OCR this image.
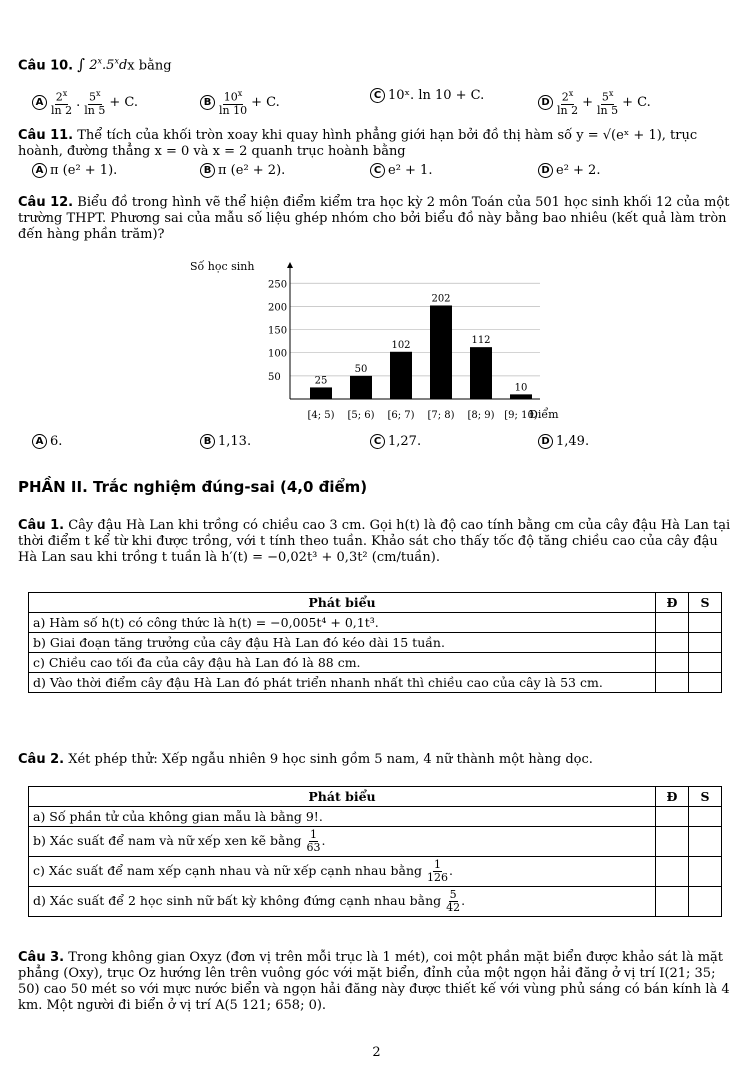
Câu 10. ∫ 2$^x$.5$^x$dx bằng
A $\frac{2^x}{\ln 2}$ . $\frac{5^x}{\ln 5} + C$.	B $\frac{10^x}{\ln 10} + C$.	C 10ˣ. ln 10 + C.	D $\frac{2^x}{\ln 2} + \frac{5^x}{\ln 5} + C$.
Câu 11. Thể tích của khối tròn xoay khi quay hình phẳng giới hạn bởi đồ thị hàm số y = √(eˣ + 1), trục hoành, đường thẳng x = 0 và x = 2 quanh trục hoành bằng
A π (e² + 1).	B π (e² + 2).	C e² + 1.	D e² + 2.
Câu 12. Biểu đồ trong hình vẽ thể hiện điểm kiểm tra học kỳ 2 môn Toán của 501 học sinh khối 12 của một trường THPT. Phương sai của mẫu số liệu ghép nhóm cho bởi biểu đồ này bằng bao nhiêu (kết quả làm tròn đến hàng phần trăm)?
25
50
102
202
112
10
50
100
150
200
250
[4; 5) [5; 6) [6; 7) [7; 8) [8; 9) [9; 10)
Số học sinh
Điểm
A 6.	B 1,13.	C 1,27.	D 1,49.
PHẦN II. Trắc nghiệm đúng-sai (4,0 điểm)
Câu 1. Cây đậu Hà Lan khi trồng có chiều cao 3 cm. Gọi h(t) là độ cao tính bằng cm của cây đậu Hà Lan tại thời điểm t kể từ khi được trồng, với t tính theo tuần. Khảo sát cho thấy tốc độ tăng chiều cao của cây đậu Hà Lan sau khi trồng t tuần là h′(t) = −0,02t³ + 0,3t² (cm/tuần).
Phát biểu	Đ	S
a) Hàm số h(t) có công thức là h(t) = −0,005t⁴ + 0,1t³.		
b) Giai đoạn tăng trưởng của cây đậu Hà Lan đó kéo dài 15 tuần.		
c) Chiều cao tối đa của cây đậu hà Lan đó là 88 cm.		
d) Vào thời điểm cây đậu Hà Lan đó phát triển nhanh nhất thì chiều cao của cây là 53 cm.		
Câu 2. Xét phép thử: Xếp ngẫu nhiên 9 học sinh gồm 5 nam, 4 nữ thành một hàng dọc.
Phát biểu	Đ	S
a) Số phần tử của không gian mẫu là bằng 9!.		
b) Xác suất để nam và nữ xếp xen kẽ bằng $\frac{1}{63}$ .		
c) Xác suất để nam xếp cạnh nhau và nữ xếp cạnh nhau bằng $\frac{1}{126}$ .		
d) Xác suất để 2 học sinh nữ bất kỳ không đứng cạnh nhau bằng $\frac{5}{42}$ .		
Câu 3. Trong không gian Oxyz (đơn vị trên mỗi trục là 1 mét), coi một phần mặt biển được khảo sát là mặt phẳng (Oxy), trục Oz hướng lên trên vuông góc với mặt biển, đỉnh của một ngọn hải đăng ở vị trí I(21; 35; 50) cao 50 mét so với mực nước biển và ngọn hải đăng này được thiết kế với vùng phủ sáng có bán kính là 4 km. Một người đi biển ở vị trí A(5 121; 658; 0).
2
